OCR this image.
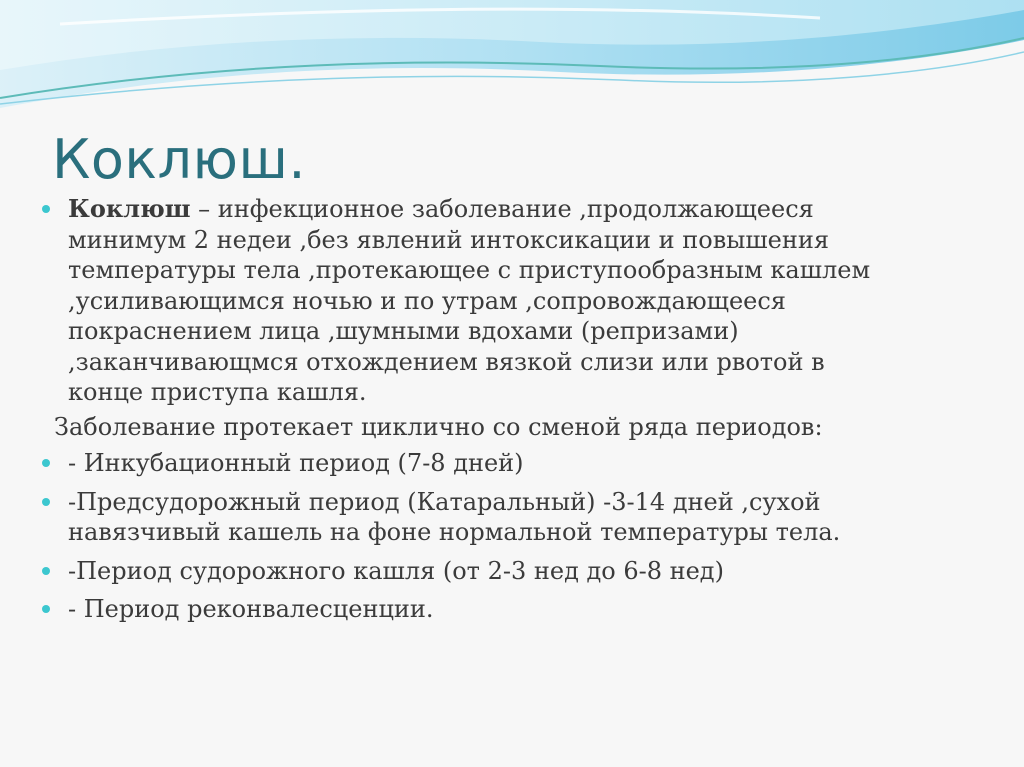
Коклюш.
Коклюш – инфекционное заболевание ,продолжающееся
минимум 2 недеи ,без явлений интоксикации и повышения
температуры тела ,протекающее с приступообразным кашлем
,усиливающимся ночью и по утрам ,сопровождающееся
покраснением лица ,шумными вдохами (репризами)
,заканчивающмся отхождением вязкой слизи или рвотой в
конце приступа кашля.
Заболевание протекает циклично со сменой ряда периодов:
- Инкубационный период (7-8 дней)
-Предсудорожный период (Катаральный) -3-14 дней ,сухой
навязчивый кашель на фоне нормальной температуры тела.
-Период судорожного кашля (от 2-3 нед до 6-8 нед)
- Период реконвалесценции.
